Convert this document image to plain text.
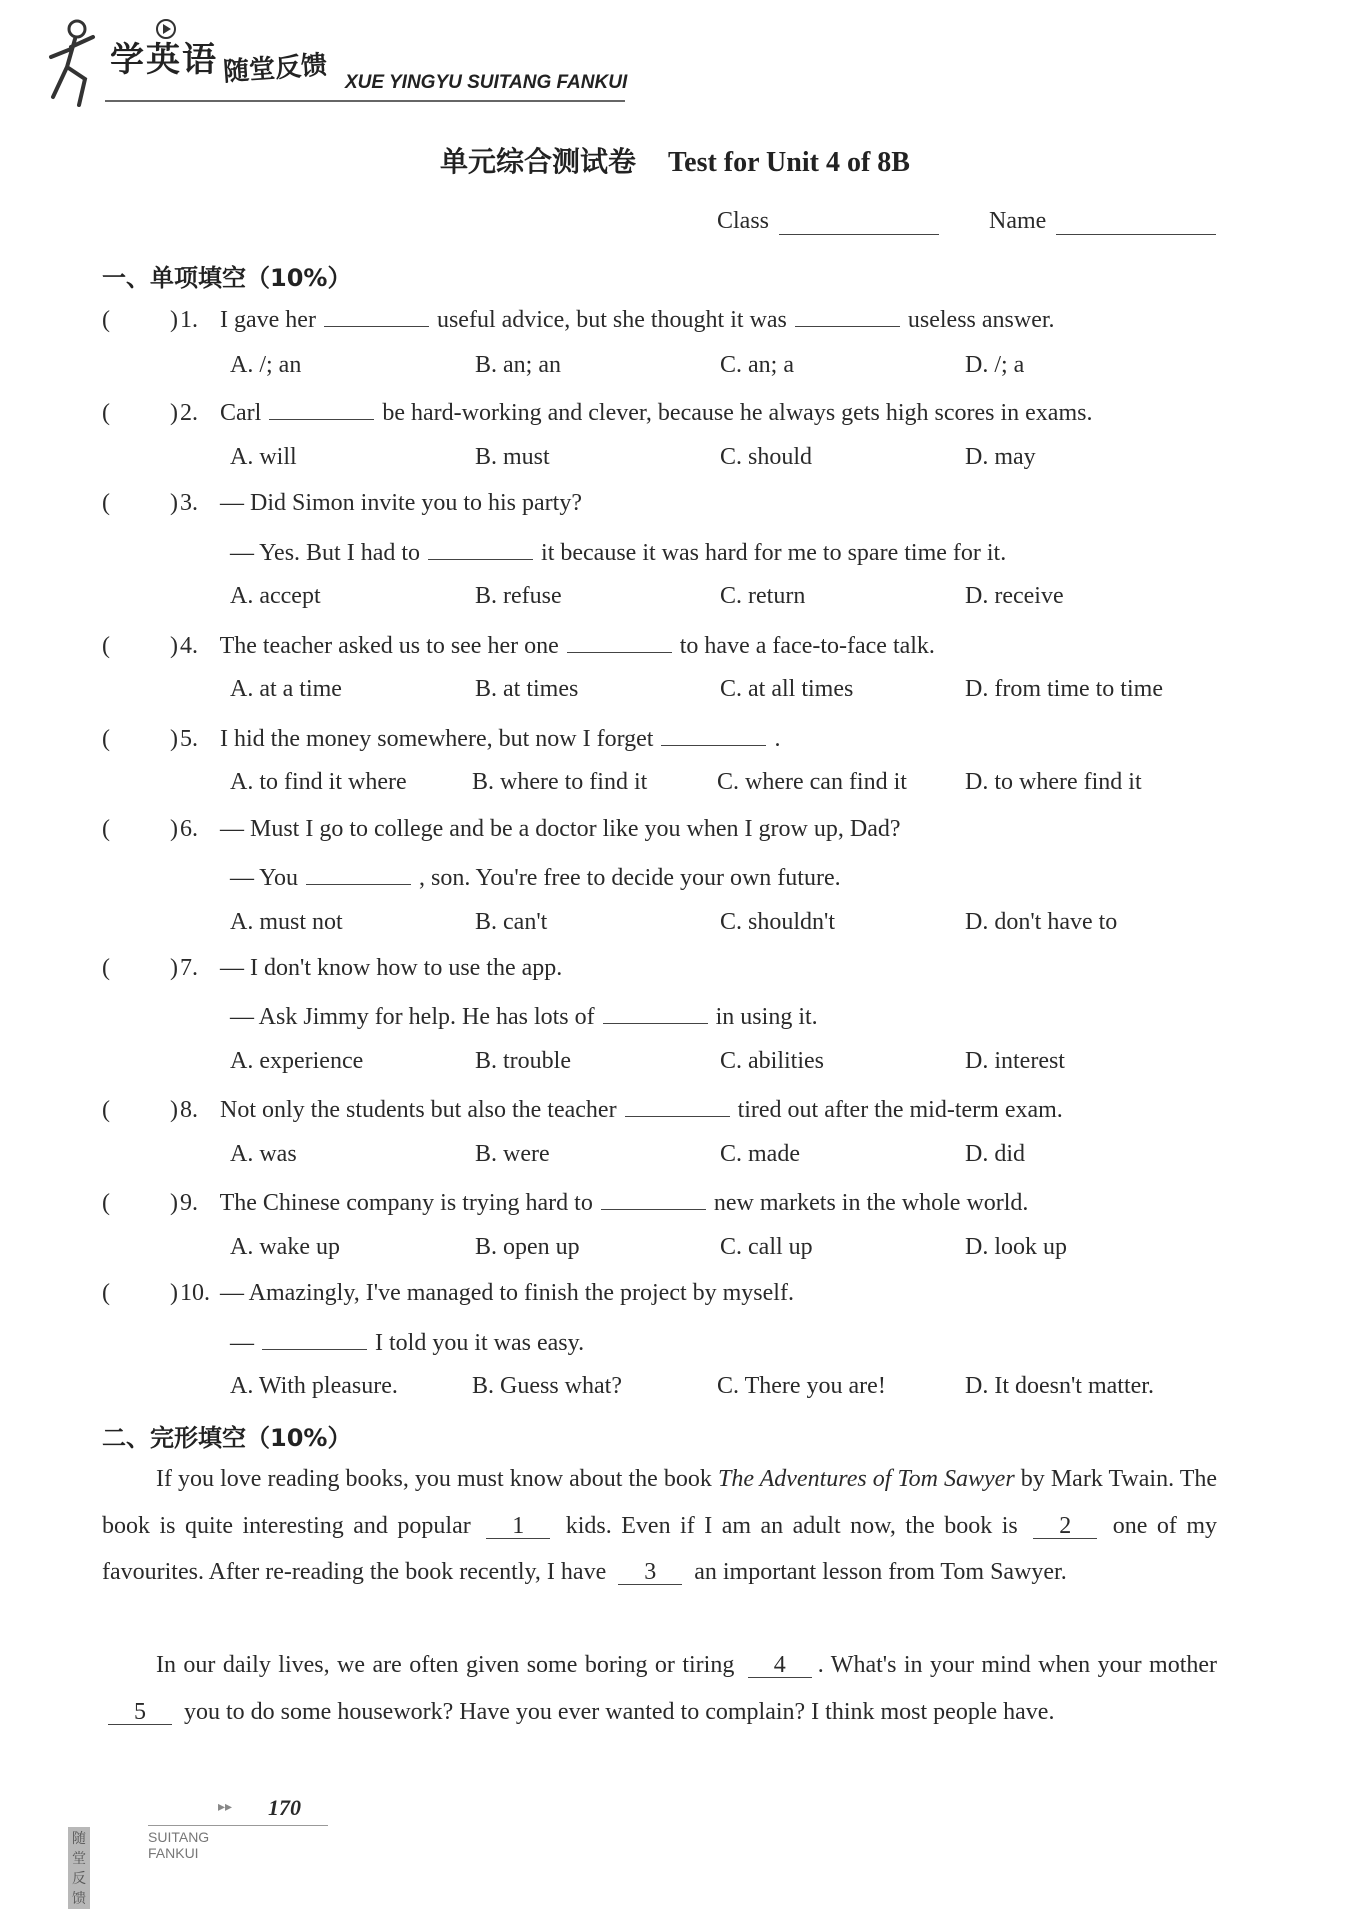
学英语 随堂反馈 XUE YINGYU SUITANG FANKUI
单元综合测试卷 Test for Unit 4 of 8B
Class	Name
一、单项填空（10%）
(	)1. I gave her	useful advice, but she thought it was	useless answer.
A. /; an	B. an; an	C. an; a	D. /; a
(	)2. Carl	be hard-working and clever, because he always gets high scores in exams.
A. will	B. must	C. should	D. may
(	)3. — Did Simon invite you to his party?
— Yes. But I had to	it because it was hard for me to spare time for it.
A. accept	B. refuse	C. return	D. receive
(	)4. The teacher asked us to see her one	to have a face-to-face talk.
A. at a time	B. at times	C. at all times	D. from time to time
(	)5. I hid the money somewhere, but now I forget	.
A. to find it where	B. where to find it	C. where can find it D. to where find it
(	)6. — Must I go to college and be a doctor like you when I grow up, Dad?
— You	, son. You're free to decide your own future.
A. must not	B. can't	C. shouldn't	D. don't have to
(	)7. — I don't know how to use the app.
— Ask Jimmy for help. He has lots of	in using it.
A. experience	B. trouble	C. abilities	D. interest
(	)8. Not only the students but also the teacher	tired out after the mid-term exam.
A. was	B. were	C. made	D. did
(	)9. The Chinese company is trying hard to	new markets in the whole world.
A. wake up	B. open up	C. call up	D. look up
(	)10. — Amazingly, I've managed to finish the project by myself.
—	I told you it was easy.
A. With pleasure.	B. Guess what?	C. There you are!	D. It doesn't matter.
二、完形填空（10%）
If you love reading books, you must know about the book The Adventures of Tom Sawyer by Mark Twain. The book is quite interesting and popular 1 kids. Even if I am an adult now, the book is 2 one of my favourites. After re-reading the book recently, I have 3 an important lesson from Tom Sawyer.
In our daily lives, we are often given some boring or tiring 4 . What's in your mind when your mother 5 you to do some housework? Have you ever wanted to complain? I think most people have.
▸▸ 170
随堂反馈
SUITANG FANKUI
